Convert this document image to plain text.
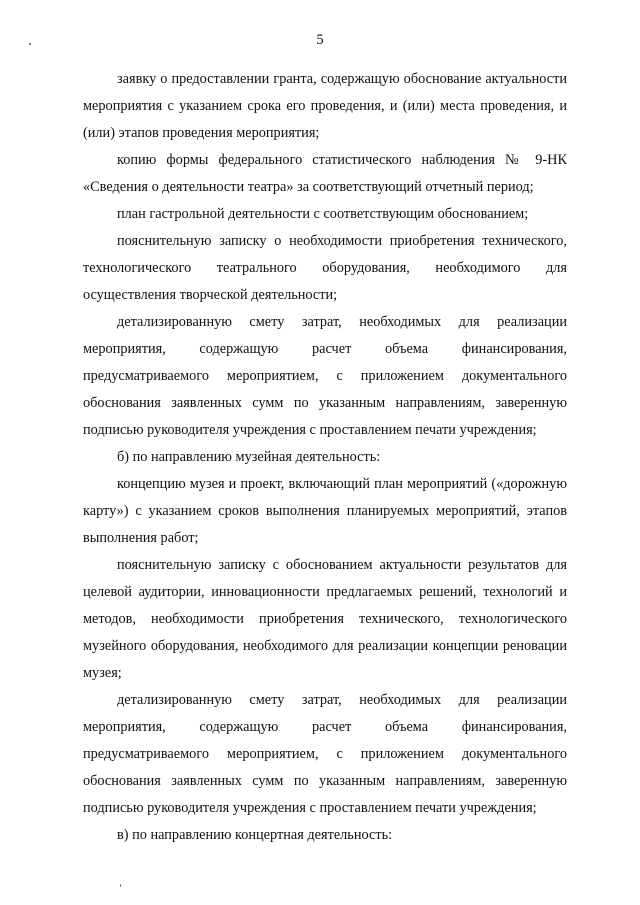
5

заявку о предоставлении гранта, содержащую обоснование актуальности мероприятия с указанием срока его проведения, и (или) места проведения, и (или) этапов проведения мероприятия;

копию формы федерального статистического наблюдения № 9-НК «Сведения о деятельности театра» за соответствующий отчетный период;

план гастрольной деятельности с соответствующим обоснованием;

пояснительную записку о необходимости приобретения технического, технологического театрального оборудования, необходимого для осуществления творческой деятельности;

детализированную смету затрат, необходимых для реализации мероприятия, содержащую расчет объема финансирования, предусматриваемого мероприятием, с приложением документального обоснования заявленных сумм по указанным направлениям, заверенную подписью руководителя учреждения с проставлением печати учреждения;

б) по направлению музейная деятельность:

концепцию музея и проект, включающий план мероприятий («дорожную карту») с указанием сроков выполнения планируемых мероприятий, этапов выполнения работ;

пояснительную записку с обоснованием актуальности результатов для целевой аудитории, инновационности предлагаемых решений, технологий и методов, необходимости приобретения технического, технологического музейного оборудования, необходимого для реализации концепции реновации музея;

детализированную смету затрат, необходимых для реализации мероприятия, содержащую расчет объема финансирования, предусматриваемого мероприятием, с приложением документального обоснования заявленных сумм по указанным направлениям, заверенную подписью руководителя учреждения с проставлением печати учреждения;

в) по направлению концертная деятельность:
